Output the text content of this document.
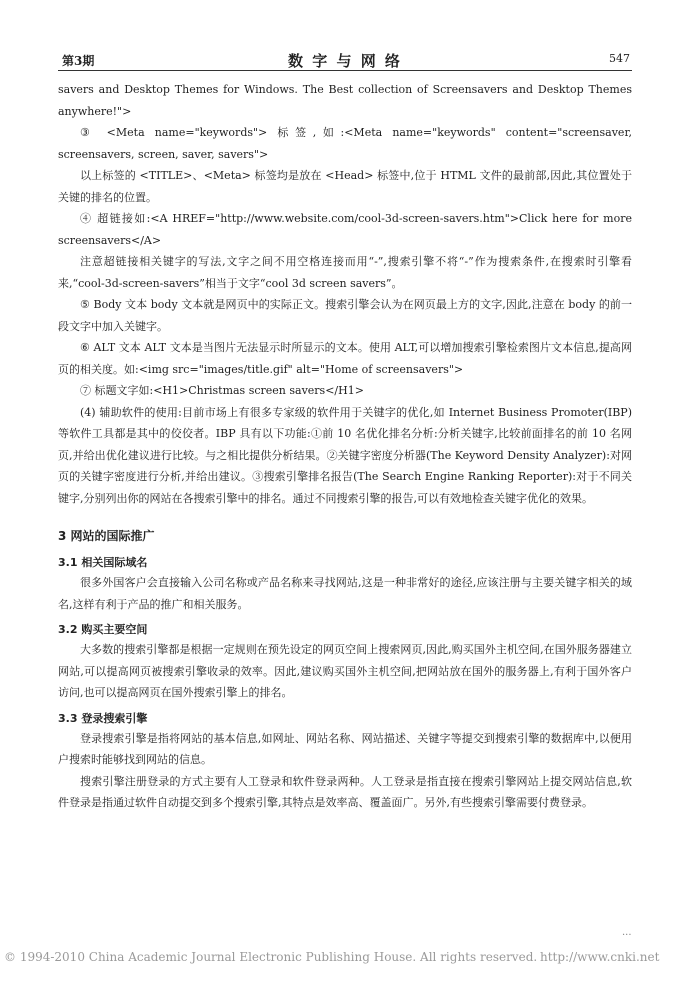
第3期	数 字 与 网 络	547

savers and Desktop Themes for Windows. The Best collection of Screensavers and Desktop Themes anywhere!">

③ <Meta name="keywords"> 标签,如:<Meta name="keywords" content="screensaver, screensavers, screen, saver, savers">

以上标签的 <TITLE>、<Meta> 标签均是放在 <Head> 标签中,位于 HTML 文件的最前部,因此,其位置处于关键的排名的位置。

④ 超链接如:<A HREF="http://www.website.com/cool-3d-screen-savers.htm">Click here for more screensavers</A>

注意超链接相关键字的写法,文字之间不用空格连接而用“-”,搜索引擎不将“-”作为搜索条件,在搜索时引擎看来,“cool-3d-screen-savers”相当于文字“cool 3d screen savers”。

⑤ Body 文本 body 文本就是网页中的实际正文。搜索引擎会认为在网页最上方的文字,因此,注意在 body 的前一段文字中加入关键字。

⑥ ALT 文本 ALT 文本是当图片无法显示时所显示的文本。使用 ALT,可以增加搜索引擎检索图片文本信息,提高网页的相关度。如:<img src="images/title.gif" alt="Home of screensavers">

⑦ 标题文字如:<H1>Christmas screen savers</H1>

(4) 辅助软件的使用:目前市场上有很多专家级的软件用于关键字的优化,如 Internet Business Promoter(IBP)等软件工具都是其中的佼佼者。IBP 具有以下功能:①前 10 名优化排名分析:分析关键字,比较前面排名的前 10 名网页,并给出优化建议进行比较。与之相比提供分析结果。②关键字密度分析器(The Keyword Density Analyzer):对网页的关键字密度进行分析,并给出建议。③搜索引擎排名报告(The Search Engine Ranking Reporter):对于不同关键字,分别列出你的网站在各搜索引擎中的排名。通过不同搜索引擎的报告,可以有效地检查关键字优化的效果。

3 网站的国际推广
3.1 相关国际域名

很多外国客户会直接输入公司名称或产品名称来寻找网站,这是一种非常好的途径,应该注册与主要关键字相关的域名,这样有利于产品的推广和相关服务。

3.2 购买主要空间

大多数的搜索引擎都是根据一定规则在预先设定的网页空间上搜索网页,因此,购买国外主机空间,在国外服务器建立网站,可以提高网页被搜索引擎收录的效率。因此,建议购买国外主机空间,把网站放在国外的服务器上,有利于国外客户访问,也可以提高网页在国外搜索引擎上的排名。

3.3 登录搜索引擎

登录搜索引擎是指将网站的基本信息,如网址、网站名称、网站描述、关键字等提交到搜索引擎的数据库中,以便用户搜索时能够找到网站的信息。

搜索引擎注册登录的方式主要有人工登录和软件登录两种。人工登录是指直接在搜索引擎网站上提交网站信息,软件登录是指通过软件自动提交到多个搜索引擎,其特点是效率高、覆盖面广。另外,有些搜索引擎需要付费登录。

···
© 1994-2010 China Academic Journal Electronic Publishing House. All rights reserved. http://www.cnki.net
